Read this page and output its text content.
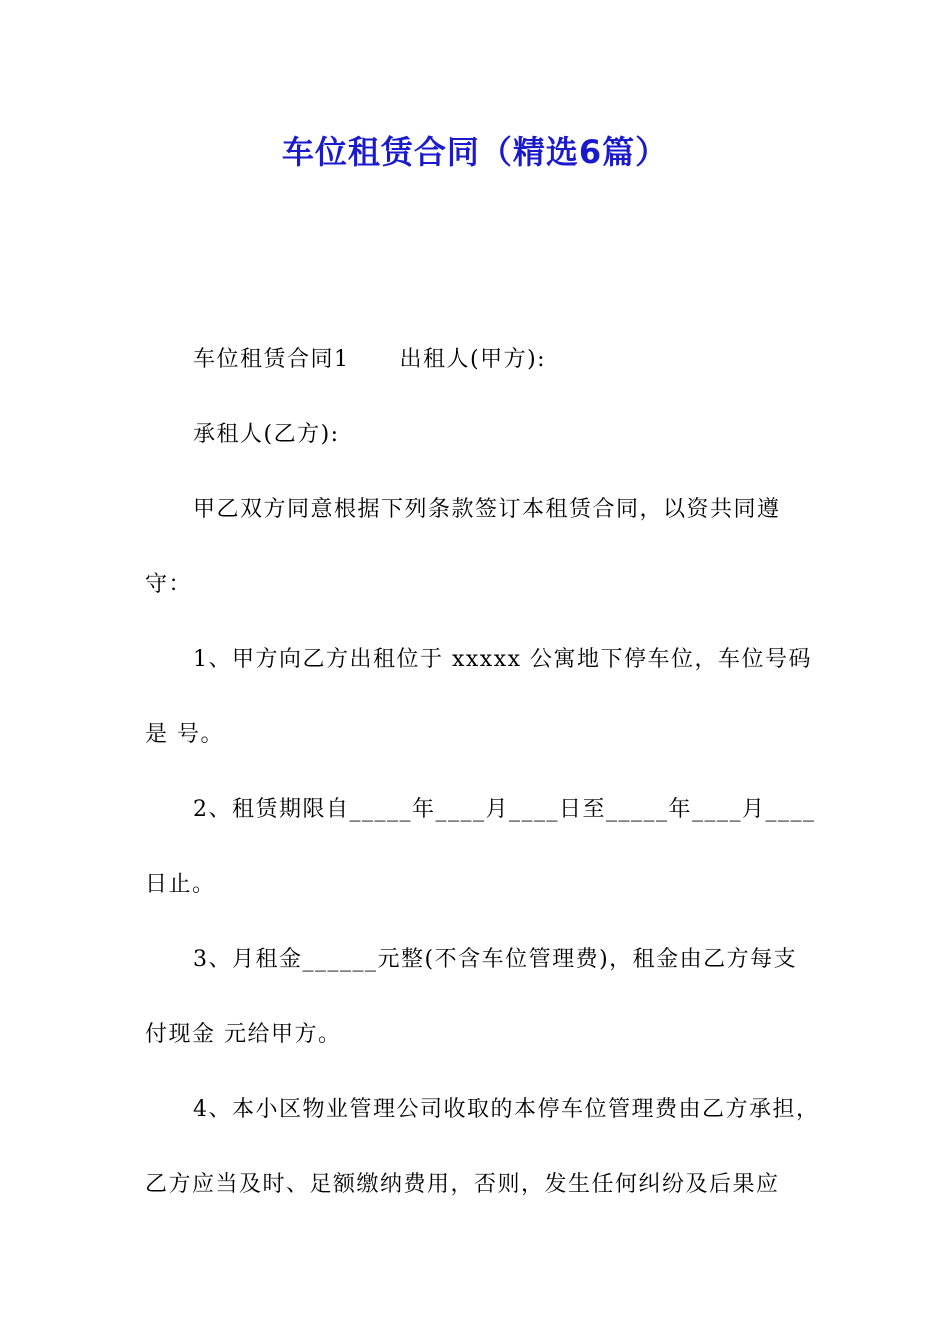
车位租赁合同（精选6篇）
车位租赁合同1 出租人(甲方):
承租人(乙方):
甲乙双方同意根据下列条款签订本租赁合同，以资共同遵
守：
1、甲方向乙方出租位于 xxxxx 公寓地下停车位，车位号码
是 号。
2、租赁期限自_____年____月____日至_____年____月____
日止。
3、月租金______元整(不含车位管理费)，租金由乙方每支
付现金 元给甲方。
4、本小区物业管理公司收取的本停车位管理费由乙方承担，
乙方应当及时、足额缴纳费用，否则，发生任何纠纷及后果应
